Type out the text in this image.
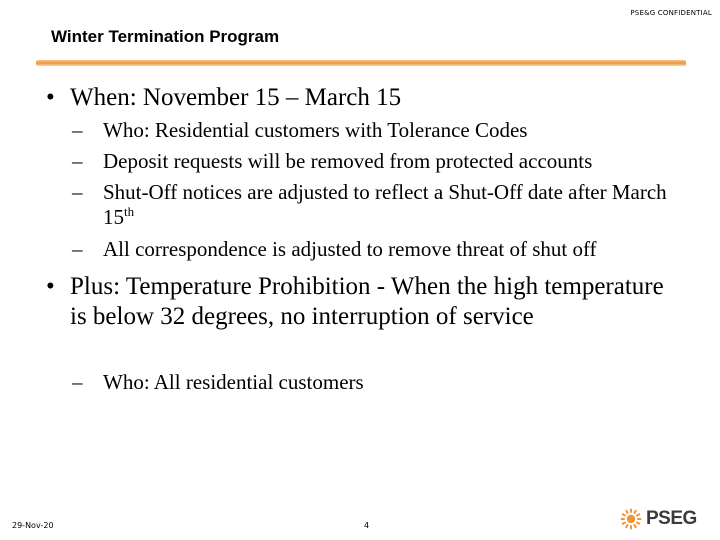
PSE&G CONFIDENTIAL
Winter Termination Program
• When: November 15 – March 15
– Who: Residential customers with Tolerance Codes
– Deposit requests will be removed from protected accounts
– Shut-Off notices are adjusted to reflect a Shut-Off date after March 15th
– All correspondence is adjusted to remove threat of shut off
• Plus: Temperature Prohibition - When the high temperature is below 32 degrees, no interruption of service
– Who: All residential customers
29-Nov-20	4	PSEG
